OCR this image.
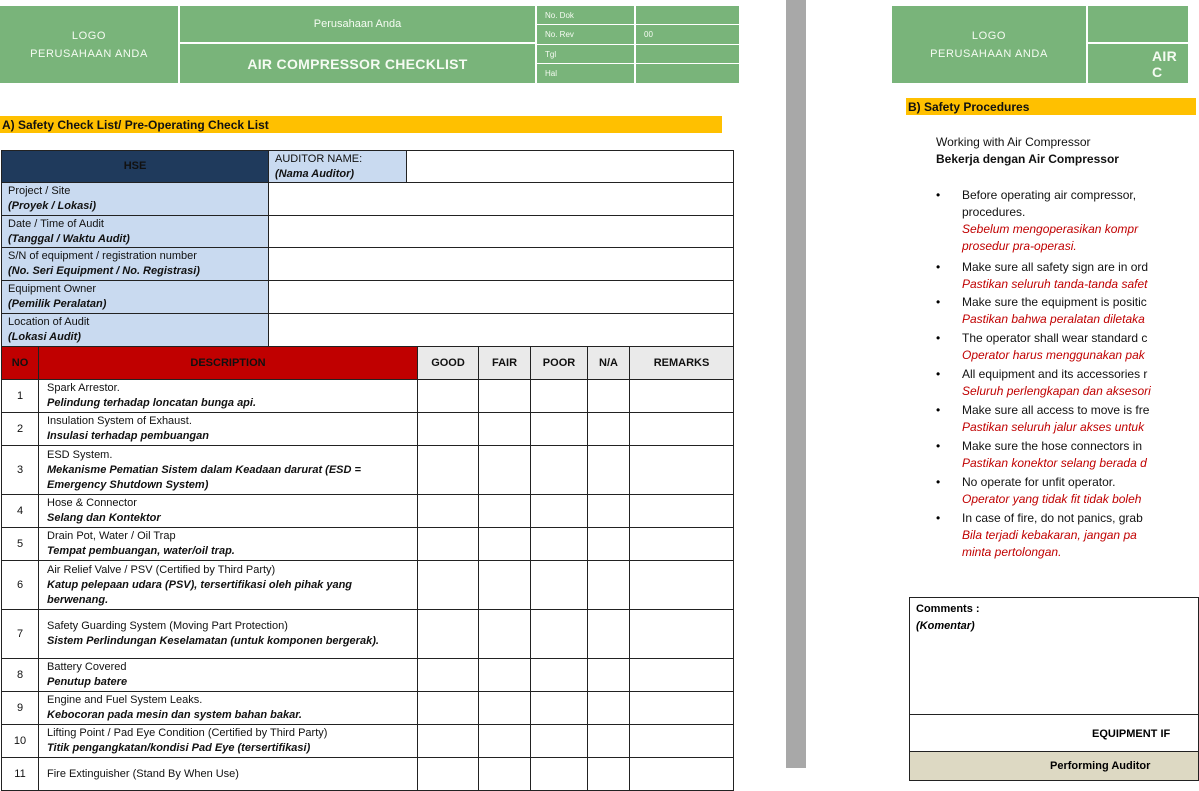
LOGO
PERUSAHAAN ANDA
Perusahaan Anda
AIR COMPRESSOR CHECKLIST
No. Dok
No. Rev	00
Tgl
Hal
A) Safety Check List/ Pre-Operating Check List
HSE		AUDITOR NAME:
(Nama Auditor)						

Project / Site
(Proyek / Lokasi)								

Date / Time of Audit
(Tanggal / Waktu Audit)								

S/N of equipment / registration number
(No. Seri Equipment / No. Registrasi)								

Equipment Owner
(Pemilik Peralatan)								

Location of Audit
(Lokasi Audit)								

NO	DESCRIPTION			GOOD	FAIR	POOR	N/A	REMARKS
1	Spark Arrestor.
Pelindung terhadap loncatan bunga api.							

2	Insulation System of Exhaust.
Insulasi terhadap pembuangan							

3	ESD System.
Mekanisme Pematian Sistem dalam Keadaan darurat (ESD = Emergency Shutdown System)							

4	Hose & Connector
Selang dan Kontektor							

5	Drain Pot, Water / Oil Trap
Tempat pembuangan, water/oil trap.							

6	Air Relief Valve / PSV (Certified by Third Party)
Katup pelepaan udara (PSV), tersertifikasi oleh pihak yang berwenang.							

7	Safety Guarding System (Moving Part Protection)
Sistem Perlindungan Keselamatan (untuk komponen bergerak).							

8	Battery Covered
Penutup batere							

9	Engine and Fuel System Leaks.
Kebocoran pada mesin dan system bahan bakar.							

10	Lifting Point / Pad Eye Condition (Certified by Third Party)
Titik pengangkatan/kondisi Pad Eye (tersertifikasi)							

11	Fire Extinguisher (Stand By When Use)							

LOGO
PERUSAHAAN ANDA	AIR C
B) Safety Procedures
Working with Air Compressor
Bekerja dengan Air Compressor
• Before operating air compressor,
procedures.
Sebelum mengoperasikan kompr
prosedur pra-operasi.
• Make sure all safety sign are in ord
Pastikan seluruh tanda-tanda safet
• Make sure the equipment is positic
Pastikan bahwa peralatan diletaka
• The operator shall wear standard c
Operator harus menggunakan pak
• All equipment and its accessories r
Seluruh perlengkapan dan aksesori
• Make sure all access to move is fre
Pastikan seluruh jalur akses untuk
• Make sure the hose connectors in
Pastikan konektor selang berada d
• No operate for unfit operator.
Operator yang tidak fit tidak boleh
• In case of fire, do not panics, grab
Bila terjadi kebakaran, jangan pa
minta pertolongan.
Comments :
(Komentar)
EQUIPMENT IF
Performing Auditor
